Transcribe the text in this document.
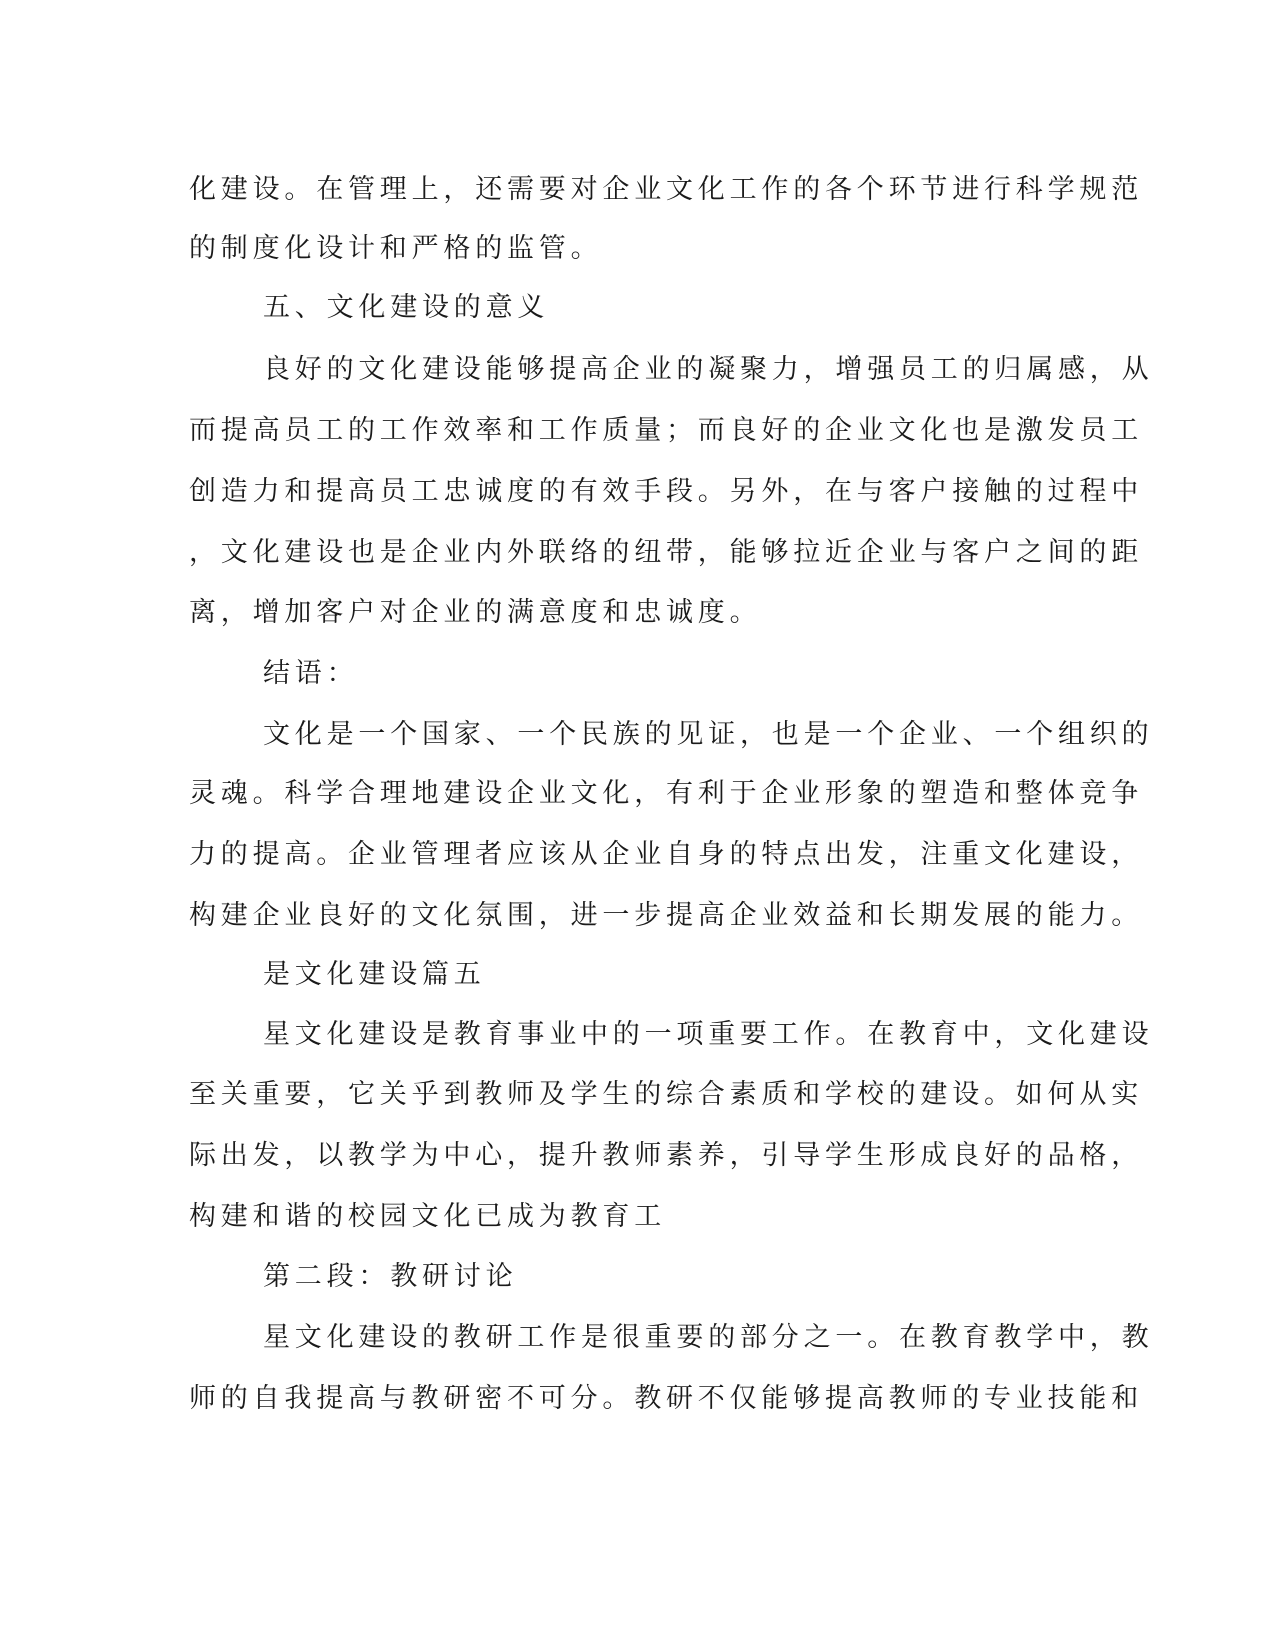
化建设。在管理上，还需要对企业文化工作的各个环节进行科学规范
的制度化设计和严格的监管。
五、文化建设的意义
良好的文化建设能够提高企业的凝聚力，增强员工的归属感，从
而提高员工的工作效率和工作质量；而良好的企业文化也是激发员工
创造力和提高员工忠诚度的有效手段。另外，在与客户接触的过程中
，文化建设也是企业内外联络的纽带，能够拉近企业与客户之间的距
离，增加客户对企业的满意度和忠诚度。
结语：
文化是一个国家、一个民族的见证，也是一个企业、一个组织的
灵魂。科学合理地建设企业文化，有利于企业形象的塑造和整体竞争
力的提高。企业管理者应该从企业自身的特点出发，注重文化建设，
构建企业良好的文化氛围，进一步提高企业效益和长期发展的能力。
是文化建设篇五
星文化建设是教育事业中的一项重要工作。在教育中，文化建设
至关重要，它关乎到教师及学生的综合素质和学校的建设。如何从实
际出发，以教学为中心，提升教师素养，引导学生形成良好的品格，
构建和谐的校园文化已成为教育工
第二段：教研讨论
星文化建设的教研工作是很重要的部分之一。在教育教学中，教
师的自我提高与教研密不可分。教研不仅能够提高教师的专业技能和
